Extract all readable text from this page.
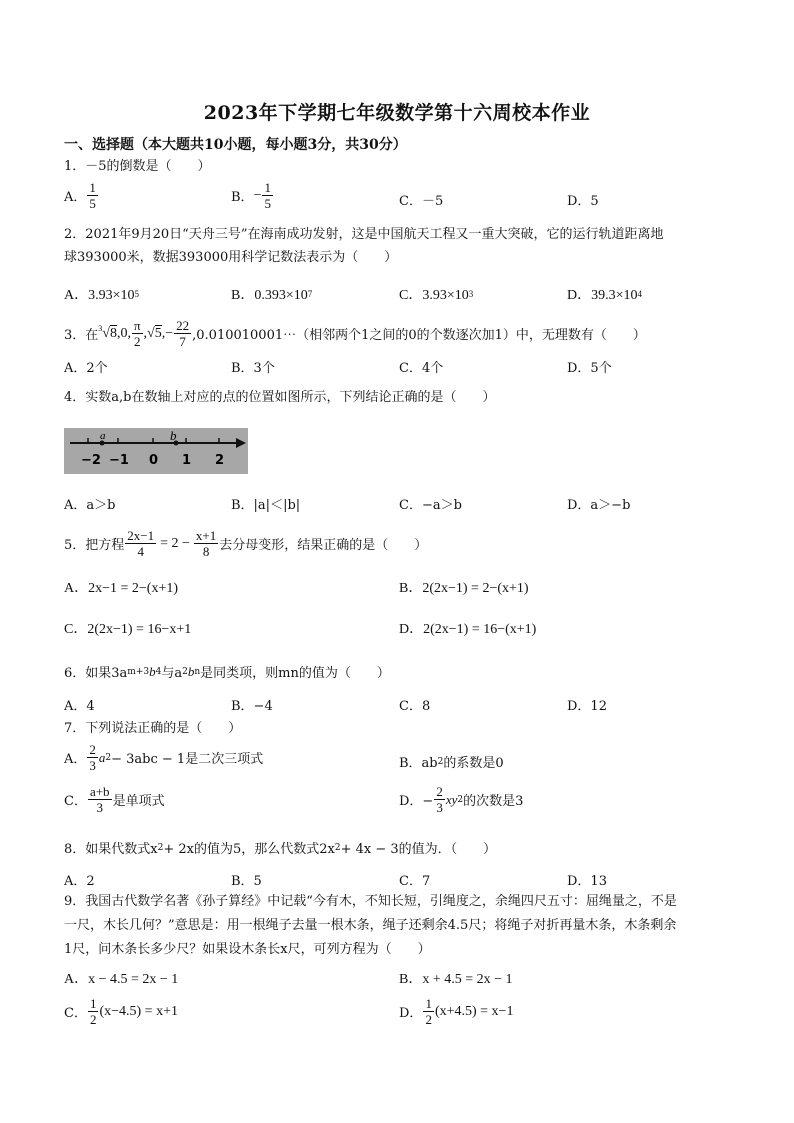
2023年下学期七年级数学第十六周校本作业
一、选择题（本大题共10小题，每小题3分，共30分）
1．－5的倒数是（　　）
A． $\frac{1}{5}$	B． − $\frac{1}{5}$	C．－5	D．5
2．2021年9月20日“天舟三号”在海南成功发射，这是中国航天工程又一重大突破，它的运行轨道距离地
球393000米，数据393000用科学记数法表示为（　　）
A．3.93×10 5	B．0.393×10 7	C．3.93×10 3	D．39.3×10 4
3．在 $^3$√8 ,0, $\frac{\pi}{2}$ , √5 ,− $\frac{22}{7}$ ,0.010010001⋯（相邻两个1之间的0的个数逐次加1）中，无理数有（　　）
A．2个	B．3个	C．4个	D．5个
4．实数a,b在数轴上对应的点的位置如图所示，下列结论正确的是（　　）
a	b
−2 −1 0 1 2
A．a＞b	B．|a|＜|b|	C．−a＞b	D．a＞−b
5．把方程 $\frac{2x-1}{4} = 2 - \frac{x+1}{8}$ 去分母变形，结果正确的是（　　）
A．2x−1 = 2−(x+1)	B．2(2x−1) = 2−(x+1)
C．2(2x−1) = 16−x+1	D．2(2x−1) = 16−(x+1)
6．如果3a m+3 b 4 与a 2 b n 是同类项，则mn的值为（　　）
A．4	B．−4	C．8	D．12
7．下列说法正确的是（　　）
A． $\frac{2}{3}$ a 2 − 3abc − 1是二次三项式	B．ab 2 的系数是0
C． $\frac{a+b}{3}$ 是单项式	D．− $\frac{2}{3}$ xy 2 的次数是3
8．如果代数式x 2 + 2x的值为5，那么代数式2x 2 + 4x − 3的值为．（　　）
A．2	B．5	C．7	D．13
9．我国古代数学名著《孙子算经》中记载“今有木，不知长短，引绳度之，余绳四尺五寸：屈绳量之，不是
一尺，木长几何？”意思是：用一根绳子去量一根木条，绳子还剩余4.5尺；将绳子对折再量木条，木条剩余
1尺，问木条长多少尺？如果设木条长x尺，可列方程为（　　）
A．x − 4.5 = 2x − 1	B．x + 4.5 = 2x − 1
C． $\frac{1}{2} (x-4.5) = x+1$	D． $\frac{1}{2} (x+4.5) = x-1$
